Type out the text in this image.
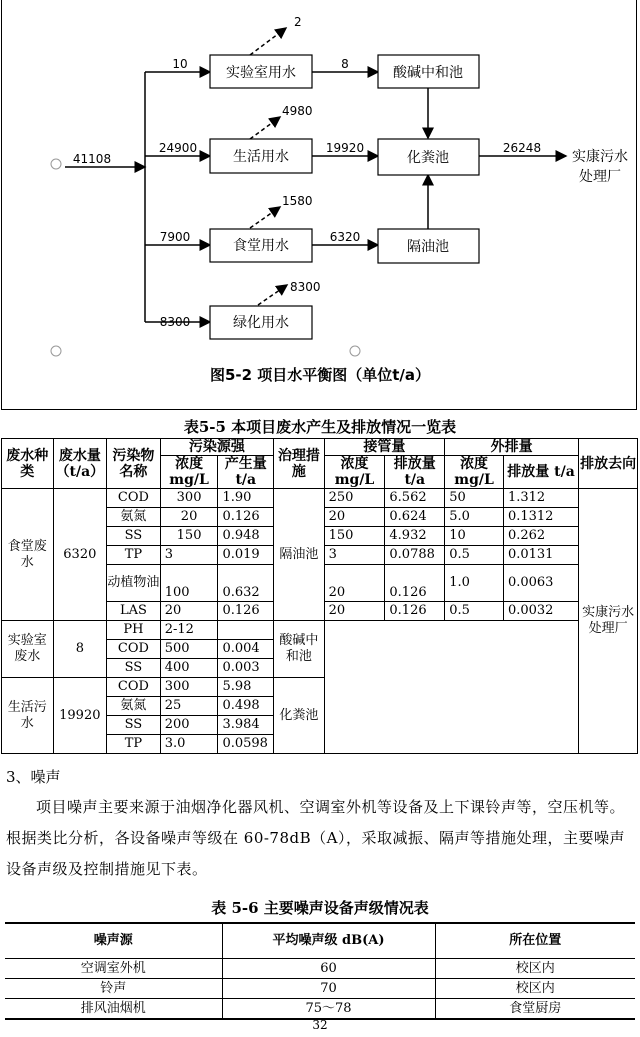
实验室用水	酸碱中和池
生活用水	化粪池
食堂用水	隔油池
绿化用水
实康污水
处理厂
41108
10
2
8
24900
4980
19920
7900
1580
6320
8300
8300
26248
图5-2 项目水平衡图（单位t/a）
表5-5 本项目废水产生及排放情况一览表
废水种类	废水量（t/a）	污染物名称	污染源强		治理措施	接管量		外排量		排放去向
			浓度mg/L	产生量t/a		浓度mg/L	排放量t/a	浓度mg/L	排放量 t/a	
食堂废水	6320	COD	300	1.90	隔油池	250	6.562	50	1.312	实康污水处理厂
		氨氮	20	0.126		20	0.624	5.0	0.1312	
		SS	150	0.948		150	4.932	10	0.262	
		TP	3	0.019		3	0.0788	0.5	0.0131	
		动植物油	100	0.632		20	0.126	1.0	0.0063	
		LAS	20	0.126		20	0.126	0.5	0.0032	
实验室废水	8	PH	2-12		酸碱中和池					
		COD	500	0.004						
		SS	400	0.003						
生活污水	19920	COD	300	5.98	化粪池					
		氨氮	25	0.498						
		SS	200	3.984						
		TP	3.0	0.0598						
3、噪声
项目噪声主要来源于油烟净化器风机、空调室外机等设备及上下课铃声等，空压机等。根据类比分析，各设备噪声等级在 60-78dB（A），采取减振、隔声等措施处理，主要噪声设备声级及控制措施见下表。
表 5-6 主要噪声设备声级情况表
噪声源	平均噪声级 dB(A)	所在位置
空调室外机	60	校区内
铃声	70	校区内
排风油烟机	75～78	食堂厨房
32
